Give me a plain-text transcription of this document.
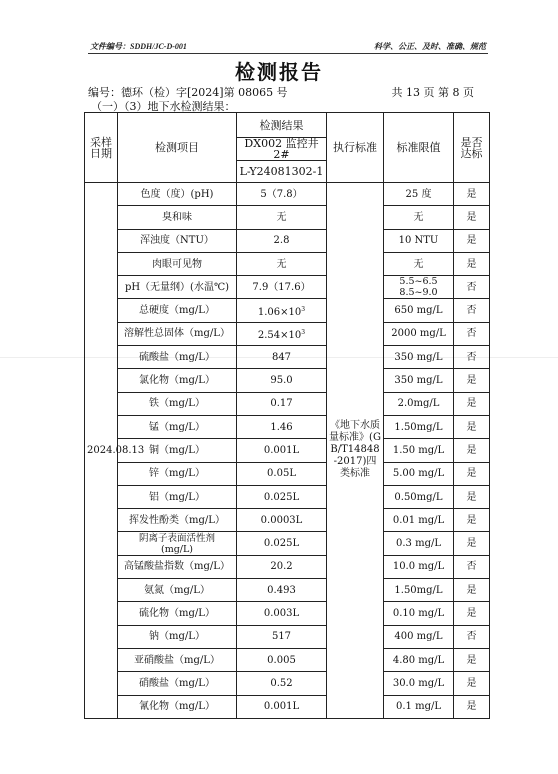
文件编号：SDDH/JC-D-001	科学、公正、及时、准确、规范
检测报告
编号：德环（检）字[2024]第 08065 号	共 13 页 第 8 页
（一）（3）地下水检测结果：
采样日期	检测项目	检测结果	执行标准	标准限值	是否达标
		DX002 监控井 2#			
		L-Y24081302-1			
2024.08.13	色度（度）(pH)	5（7.8）	《地下水质量标准》(GB/T14848-2017)四类标准	25 度	是
	臭和味	无		无	是
	浑浊度（NTU）	2.8		10 NTU	是
	肉眼可见物	无		无	是
	pH（无量纲）(水温℃)	7.9（17.6）		5.5~6.5
8.5~9.0	否
	总硬度（mg/L）	$1.06\times 10^3$		650 mg/L	否
	溶解性总固体（mg/L）	$2.54\times 10^3$		2000 mg/L	否
	硫酸盐（mg/L）	847		350 mg/L	否
	氯化物（mg/L）	95.0		350 mg/L	是
	铁（mg/L）	0.17		2.0mg/L	是
	锰（mg/L）	1.46		1.50mg/L	是
	铜（mg/L）	0.001L		1.50 mg/L	是
	锌（mg/L）	0.05L		5.00 mg/L	是
	铝（mg/L）	0.025L		0.50mg/L	是
	挥发性酚类（mg/L）	0.0003L		0.01 mg/L	是
	阴离子表面活性剂
(mg/L)	0.025L		0.3 mg/L	是
	高锰酸盐指数（mg/L）	20.2		10.0 mg/L	否
	氨氮（mg/L）	0.493		1.50mg/L	是
	硫化物（mg/L）	0.003L		0.10 mg/L	是
	钠（mg/L）	517		400 mg/L	否
	亚硝酸盐（mg/L）	0.005		4.80 mg/L	是
	硝酸盐（mg/L）	0.52		30.0 mg/L	是
	氰化物（mg/L）	0.001L		0.1 mg/L	是
